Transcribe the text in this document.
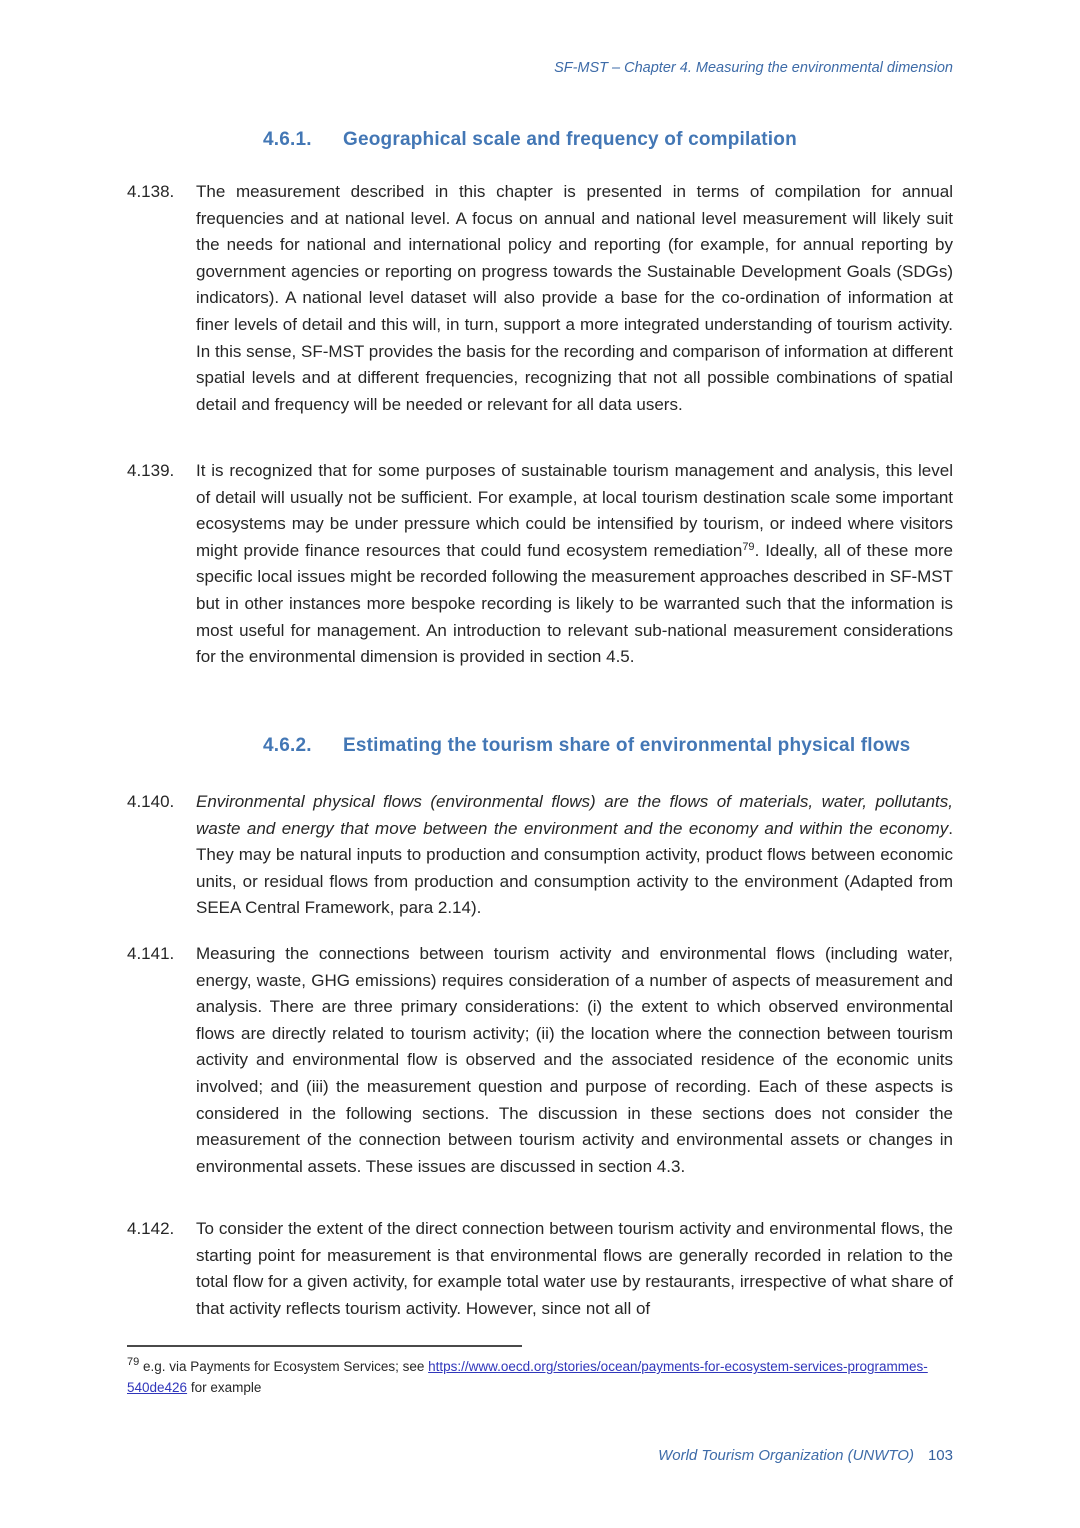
SF-MST – Chapter 4. Measuring the environmental dimension
4.6.1.	Geographical scale and frequency of compilation
4.138.	The measurement described in this chapter is presented in terms of compilation for annual frequencies and at national level. A focus on annual and national level measurement will likely suit the needs for national and international policy and reporting (for example, for annual reporting by government agencies or reporting on progress towards the Sustainable Development Goals (SDGs) indicators). A national level dataset will also provide a base for the co-ordination of information at finer levels of detail and this will, in turn, support a more integrated understanding of tourism activity. In this sense, SF-MST provides the basis for the recording and comparison of information at different spatial levels and at different frequencies, recognizing that not all possible combinations of spatial detail and frequency will be needed or relevant for all data users.
4.139.	It is recognized that for some purposes of sustainable tourism management and analysis, this level of detail will usually not be sufficient. For example, at local tourism destination scale some important ecosystems may be under pressure which could be intensified by tourism, or indeed where visitors might provide finance resources that could fund ecosystem remediation$^{79}$. Ideally, all of these more specific local issues might be recorded following the measurement approaches described in SF-MST but in other instances more bespoke recording is likely to be warranted such that the information is most useful for management. An introduction to relevant sub-national measurement considerations for the environmental dimension is provided in section 4.5.
4.6.2.	Estimating the tourism share of environmental physical flows
4.140.	Environmental physical flows (environmental flows) are the flows of materials, water, pollutants, waste and energy that move between the environment and the economy and within the economy. They may be natural inputs to production and consumption activity, product flows between economic units, or residual flows from production and consumption activity to the environment (Adapted from SEEA Central Framework, para 2.14).
4.141.	Measuring the connections between tourism activity and environmental flows (including water, energy, waste, GHG emissions) requires consideration of a number of aspects of measurement and analysis. There are three primary considerations: (i) the extent to which observed environmental flows are directly related to tourism activity; (ii) the location where the connection between tourism activity and environmental flow is observed and the associated residence of the economic units involved; and (iii) the measurement question and purpose of recording. Each of these aspects is considered in the following sections. The discussion in these sections does not consider the measurement of the connection between tourism activity and environmental assets or changes in environmental assets. These issues are discussed in section 4.3.
4.142.	To consider the extent of the direct connection between tourism activity and environmental flows, the starting point for measurement is that environmental flows are generally recorded in relation to the total flow for a given activity, for example total water use by restaurants, irrespective of what share of that activity reflects tourism activity. However, since not all of
$^{79}$ e.g. via Payments for Ecosystem Services; see https://www.oecd.org/stories/ocean/payments-for-ecosystem-services-programmes-540de426 for example
World Tourism Organization (UNWTO) 103
